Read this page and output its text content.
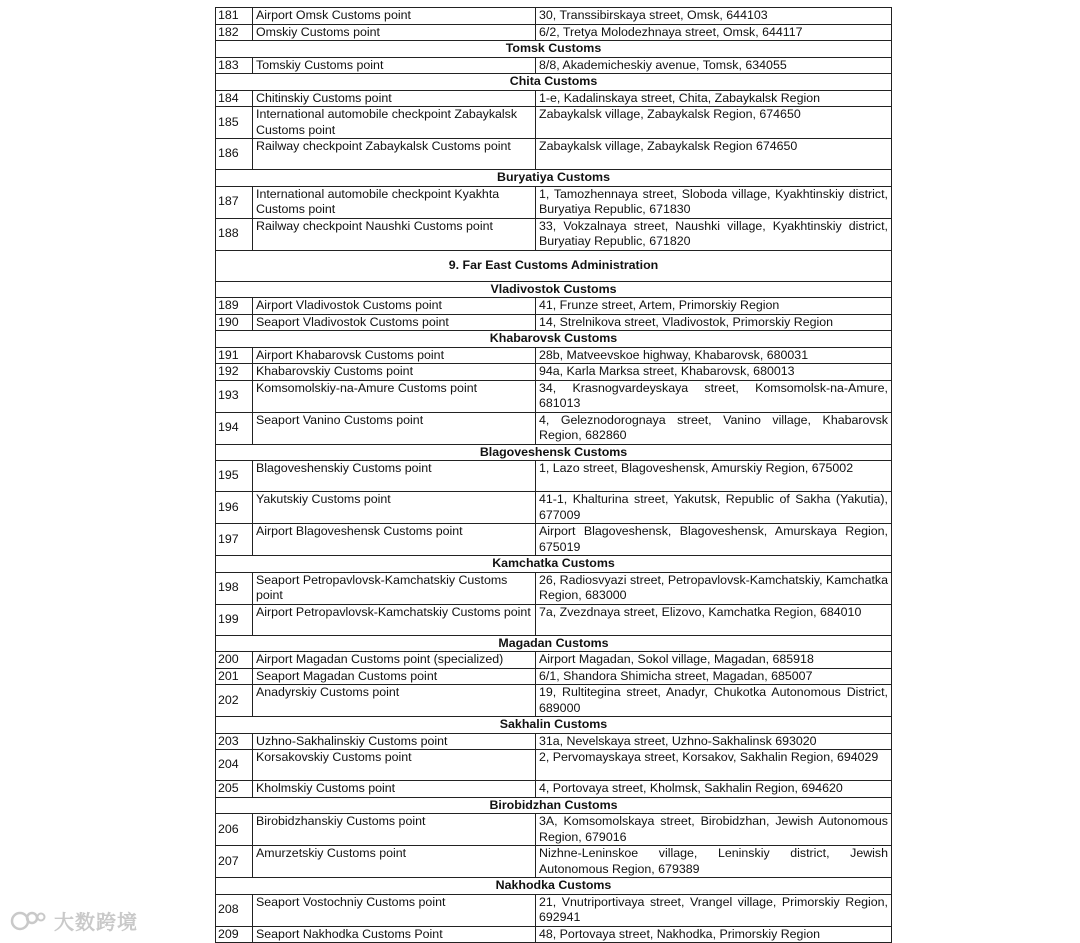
181	Airport Omsk Customs point	30, Transsibirskaya street, Omsk, 644103
182	Omskiy Customs point	6/2, Tretya Molodezhnaya street, Omsk, 644117
Tomsk Customs		
183	Tomskiy Customs point	8/8, Akademicheskiy avenue, Tomsk, 634055
Chita Customs		
184	Chitinskiy Customs point	1-e, Kadalinskaya street, Chita, Zabaykalsk Region
185	International automobile checkpoint Zabaykalsk Customs point	Zabaykalsk village, Zabaykalsk Region, 674650
186	Railway checkpoint Zabaykalsk Customs point	Zabaykalsk village, Zabaykalsk Region 674650
Buryatiya Customs		
187	International automobile checkpoint Kyakhta Customs point	1, Tamozhennaya street, Sloboda village, Kyakhtinskiy district, Buryatiya Republic, 671830
188	Railway checkpoint Naushki Customs point	33, Vokzalnaya street, Naushki village, Kyakhtinskiy district, Buryatiay Republic, 671820
9. Far East Customs Administration		
Vladivostok Customs		
189	Airport Vladivostok Customs point	41, Frunze street, Artem, Primorskiy Region
190	Seaport Vladivostok Customs point	14, Strelnikova street, Vladivostok, Primorskiy Region
Khabarovsk Customs		
191	Airport Khabarovsk Customs point	28b, Matveevskoe highway, Khabarovsk, 680031
192	Khabarovskiy Customs point	94a, Karla Marksa street, Khabarovsk, 680013
193	Komsomolskiy-na-Amure Customs point	34, Krasnogvardeyskaya street, Komsomolsk-na-Amure, 681013
194	Seaport Vanino Customs point	4, Geleznodorognaya street, Vanino village, Khabarovsk Region, 682860
Blagoveshensk Customs		
195	Blagoveshenskiy Customs point	1, Lazo street, Blagoveshensk, Amurskiy Region, 675002
196	Yakutskiy Customs point	41-1, Khalturina street, Yakutsk, Republic of Sakha (Yakutia), 677009
197	Airport Blagoveshensk Customs point	Airport Blagoveshensk, Blagoveshensk, Amurskaya Region, 675019
Kamchatka Customs		
198	Seaport Petropavlovsk-Kamchatskiy Customs point	26, Radiosvyazi street, Petropavlovsk-Kamchatskiy, Kamchatka Region, 683000
199	Airport Petropavlovsk-Kamchatskiy Customs point	7a, Zvezdnaya street, Elizovo, Kamchatka Region, 684010
Magadan Customs		
200	Airport Magadan Customs point (specialized)	Airport Magadan, Sokol village, Magadan, 685918
201	Seaport Magadan Customs point	6/1, Shandora Shimicha street, Magadan, 685007
202	Anadyrskiy Customs point	19, Rultitegina street, Anadyr, Chukotka Autonomous District, 689000
Sakhalin Customs		
203	Uzhno-Sakhalinskiy Customs point	31a, Nevelskaya street, Uzhno-Sakhalinsk 693020
204	Korsakovskiy Customs point	2, Pervomayskaya street, Korsakov, Sakhalin Region, 694029
205	Kholmskiy Customs point	4, Portovaya street, Kholmsk, Sakhalin Region, 694620
Birobidzhan Customs		
206	Birobidzhanskiy Customs point	3A, Komsomolskaya street, Birobidzhan, Jewish Autonomous Region, 679016
207	Amurzetskiy Customs point	Nizhne-Leninskoe village, Leninskiy district, Jewish Autonomous Region, 679389
Nakhodka Customs		
208	Seaport Vostochniy Customs point	21, Vnutriportivaya street, Vrangel village, Primorskiy Region, 692941
209	Seaport Nakhodka Customs Point	48, Portovaya street, Nakhodka, Primorskiy Region
大数跨境
